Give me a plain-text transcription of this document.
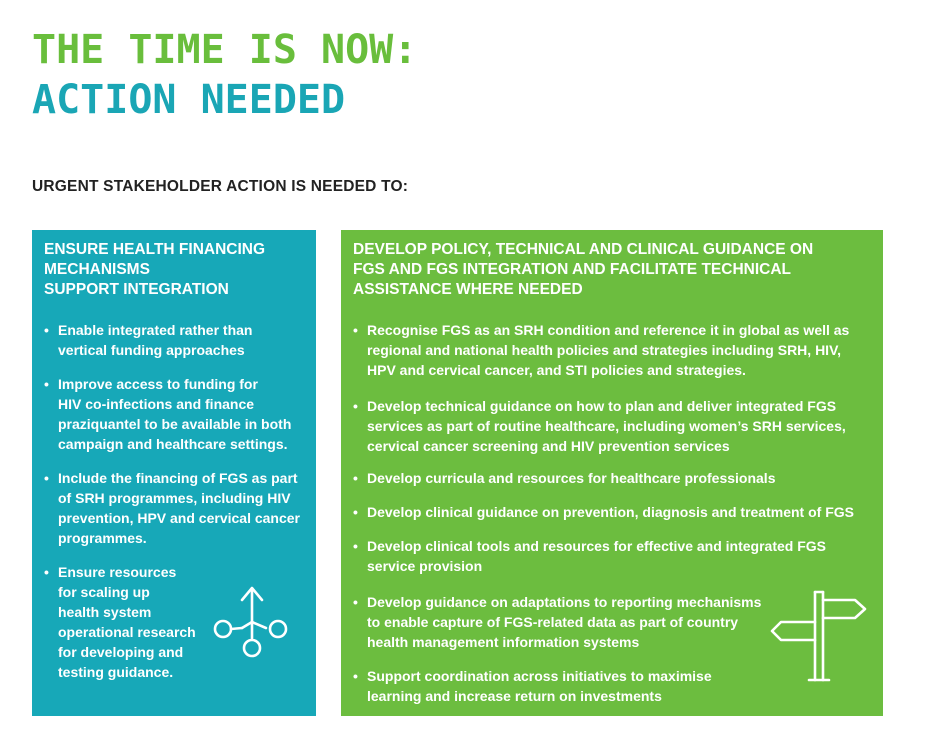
THE TIME IS NOW:
ACTION NEEDED
URGENT STAKEHOLDER ACTION IS NEEDED TO:
ENSURE HEALTH FINANCING
MECHANISMS
SUPPORT INTEGRATION
• Enable integrated rather than
vertical funding approaches
• Improve access to funding for
HIV co-infections and finance
praziquantel to be available in both
campaign and healthcare settings.
• Include the financing of FGS as part
of SRH programmes, including HIV
prevention, HPV and cervical cancer
programmes.
• Ensure resources
for scaling up
health system
operational research
for developing and
testing guidance.
DEVELOP POLICY, TECHNICAL AND CLINICAL GUIDANCE ON
FGS AND FGS INTEGRATION AND FACILITATE TECHNICAL
ASSISTANCE WHERE NEEDED
• Recognise FGS as an SRH condition and reference it in global as well as
regional and national health policies and strategies including SRH, HIV,
HPV and cervical cancer, and STI policies and strategies.
• Develop technical guidance on how to plan and deliver integrated FGS
services as part of routine healthcare, including women’s SRH services,
cervical cancer screening and HIV prevention services
• Develop curricula and resources for healthcare professionals
• Develop clinical guidance on prevention, diagnosis and treatment of FGS
• Develop clinical tools and resources for effective and integrated FGS
service provision
• Develop guidance on adaptations to reporting mechanisms
to enable capture of FGS-related data as part of country
health management information systems
• Support coordination across initiatives to maximise
learning and increase return on investments
